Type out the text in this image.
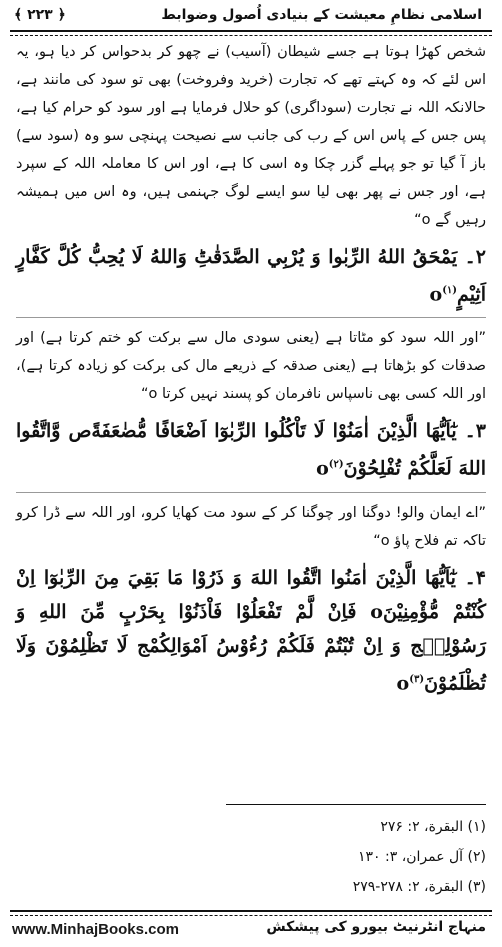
اسلامی نظامِ معیشت کے بنیادی اُصول وضوابط
﴿ ۲۲۳ ﴾

شخص کھڑا ہوتا ہے جسے شیطان (آسیب) نے چھو کر بدحواس کر دیا ہو، یہ اس لئے کہ وہ کہتے تھے کہ تجارت (خرید وفروخت) بھی تو سود کی مانند ہے، حالانکہ اللہ نے تجارت (سوداگری) کو حلال فرمایا ہے اور سود کو حرام کیا ہے، پس جس کے پاس اس کے رب کی جانب سے نصیحت پہنچی سو وہ (سود سے) باز آ گیا تو جو پہلے گزر چکا وہ اسی کا ہے، اور اس کا معاملہ اللہ کے سپرد ہے، اور جس نے پھر بھی لیا سو ایسے لوگ جہنمی ہیں، وہ اس میں ہمیشہ رہیں گے o“

۲۔ يَمْحَقُ اللهُ الرِّبٰوا وَ يُرْبِي الصَّدَقٰتِؕ وَاللهُ لَا يُحِبُّ كُلَّ كَفَّارٍ $اَثِيْمٍo^{(۱)}$

”اور اللہ سود کو مٹاتا ہے (یعنی سودی مال سے برکت کو ختم کرتا ہے) اور صدقات کو بڑھاتا ہے (یعنی صدقہ کے ذریعے مال کی برکت کو زیادہ کرتا ہے)، اور اللہ کسی بھی ناسپاس نافرمان کو پسند نہیں کرتا o“

۳۔ يٰٓاَيُّهَا الَّذِيْنَ اٰمَنُوْا لَا تَاْكُلُوا الرِّبٰوٓا اَضْعَافًا مُّضٰعَفَةًص وَّاتَّقُوا اللهَ لَعَلَّكُمْ $تُفْلِحُوْنَo^{(۲)}$

”اے ایمان والو! دوگنا اور چوگنا کر کے سود مت کھایا کرو، اور اللہ سے ڈرا کرو تاکہ تم فلاح پاؤ o“

۴۔ يٰٓاَيُّهَا الَّذِيْنَ اٰمَنُوا اتَّقُوا اللهَ وَ ذَرُوْا مَا بَقِيَ مِنَ الرِّبٰوٓا اِنْ كُنْتُمْ مُّؤْمِنِيْنَo فَاِنْ لَّمْ تَفْعَلُوْا فَاْذَنُوْا بِحَرْبٍ مِّنَ اللهِ وَ رَسُوْلِهٖج وَ اِنْ تُبْتُمْ فَلَكُمْ رُءُوْسُ اَمْوَالِكُمْج لَا تَظْلِمُوْنَ وَلَا $تُظْلَمُوْنَo^{(۳)}$

(۱) البقرة، ۲: ۲۷۶
(۲) آل عمران، ۳: ۱۳۰
(۳) البقرة، ۲: ۲۷۸-۲۷۹
منہاج انٹرنیٹ بیورو کی پیشکش
www.MinhajBooks.com
